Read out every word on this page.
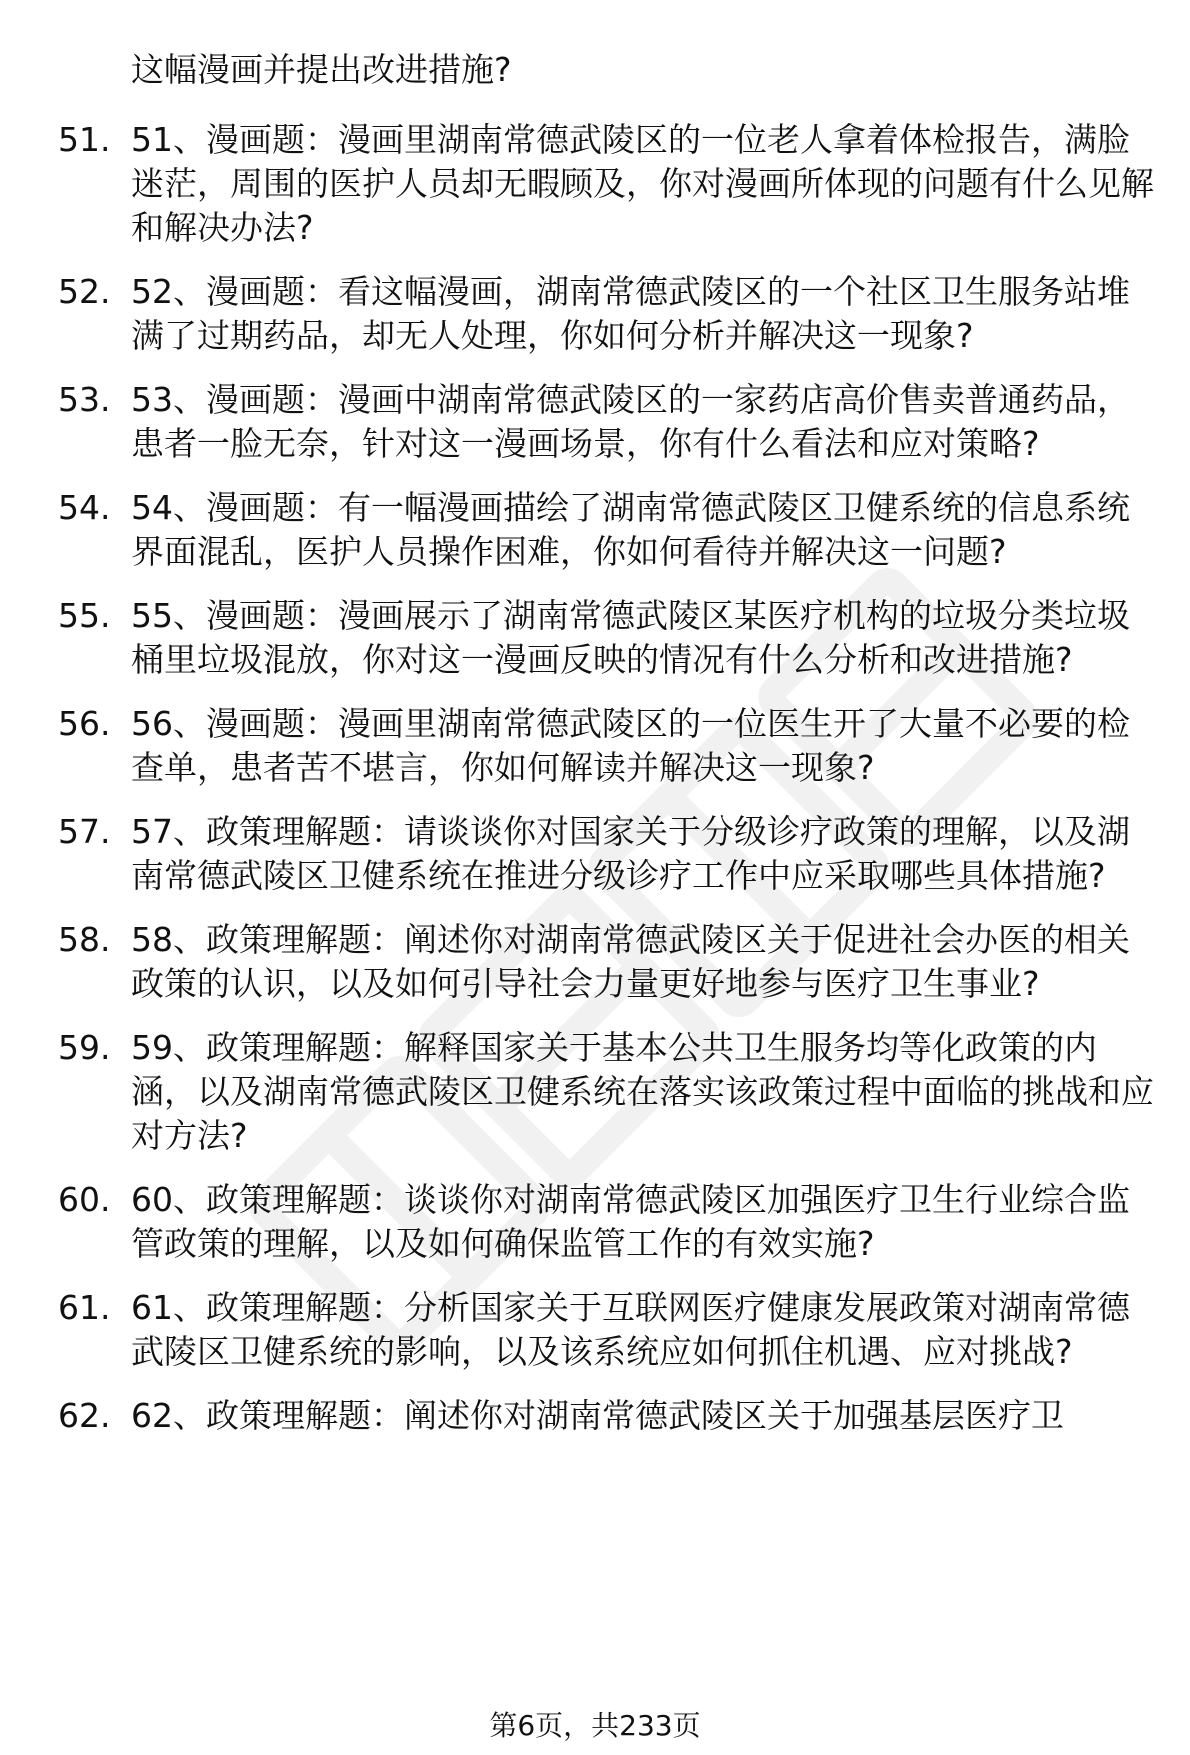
这幅漫画并提出改进措施?

51. 51、漫画题：漫画里湖南常德武陵区的一位老人拿着体检报告，满脸迷茫，周围的医护人员却无暇顾及，你对漫画所体现的问题有什么见解和解决办法?
52. 52、漫画题：看这幅漫画，湖南常德武陵区的一个社区卫生服务站堆满了过期药品，却无人处理，你如何分析并解决这一现象?
53. 53、漫画题：漫画中湖南常德武陵区的一家药店高价售卖普通药品，患者一脸无奈，针对这一漫画场景，你有什么看法和应对策略?
54. 54、漫画题：有一幅漫画描绘了湖南常德武陵区卫健系统的信息系统界面混乱，医护人员操作困难，你如何看待并解决这一问题?
55. 55、漫画题：漫画展示了湖南常德武陵区某医疗机构的垃圾分类垃圾桶里垃圾混放，你对这一漫画反映的情况有什么分析和改进措施?
56. 56、漫画题：漫画里湖南常德武陵区的一位医生开了大量不必要的检查单，患者苦不堪言，你如何解读并解决这一现象?
57. 57、政策理解题：请谈谈你对国家关于分级诊疗政策的理解，以及湖南常德武陵区卫健系统在推进分级诊疗工作中应采取哪些具体措施?
58. 58、政策理解题：阐述你对湖南常德武陵区关于促进社会办医的相关政策的认识，以及如何引导社会力量更好地参与医疗卫生事业?
59. 59、政策理解题：解释国家关于基本公共卫生服务均等化政策的内涵，以及湖南常德武陵区卫健系统在落实该政策过程中面临的挑战和应对方法?
60. 60、政策理解题：谈谈你对湖南常德武陵区加强医疗卫生行业综合监管政策的理解，以及如何确保监管工作的有效实施?
61. 61、政策理解题：分析国家关于互联网医疗健康发展政策对湖南常德武陵区卫健系统的影响，以及该系统应如何抓住机遇、应对挑战?
62. 62、政策理解题：阐述你对湖南常德武陵区关于加强基层医疗卫
第6页，共233页
